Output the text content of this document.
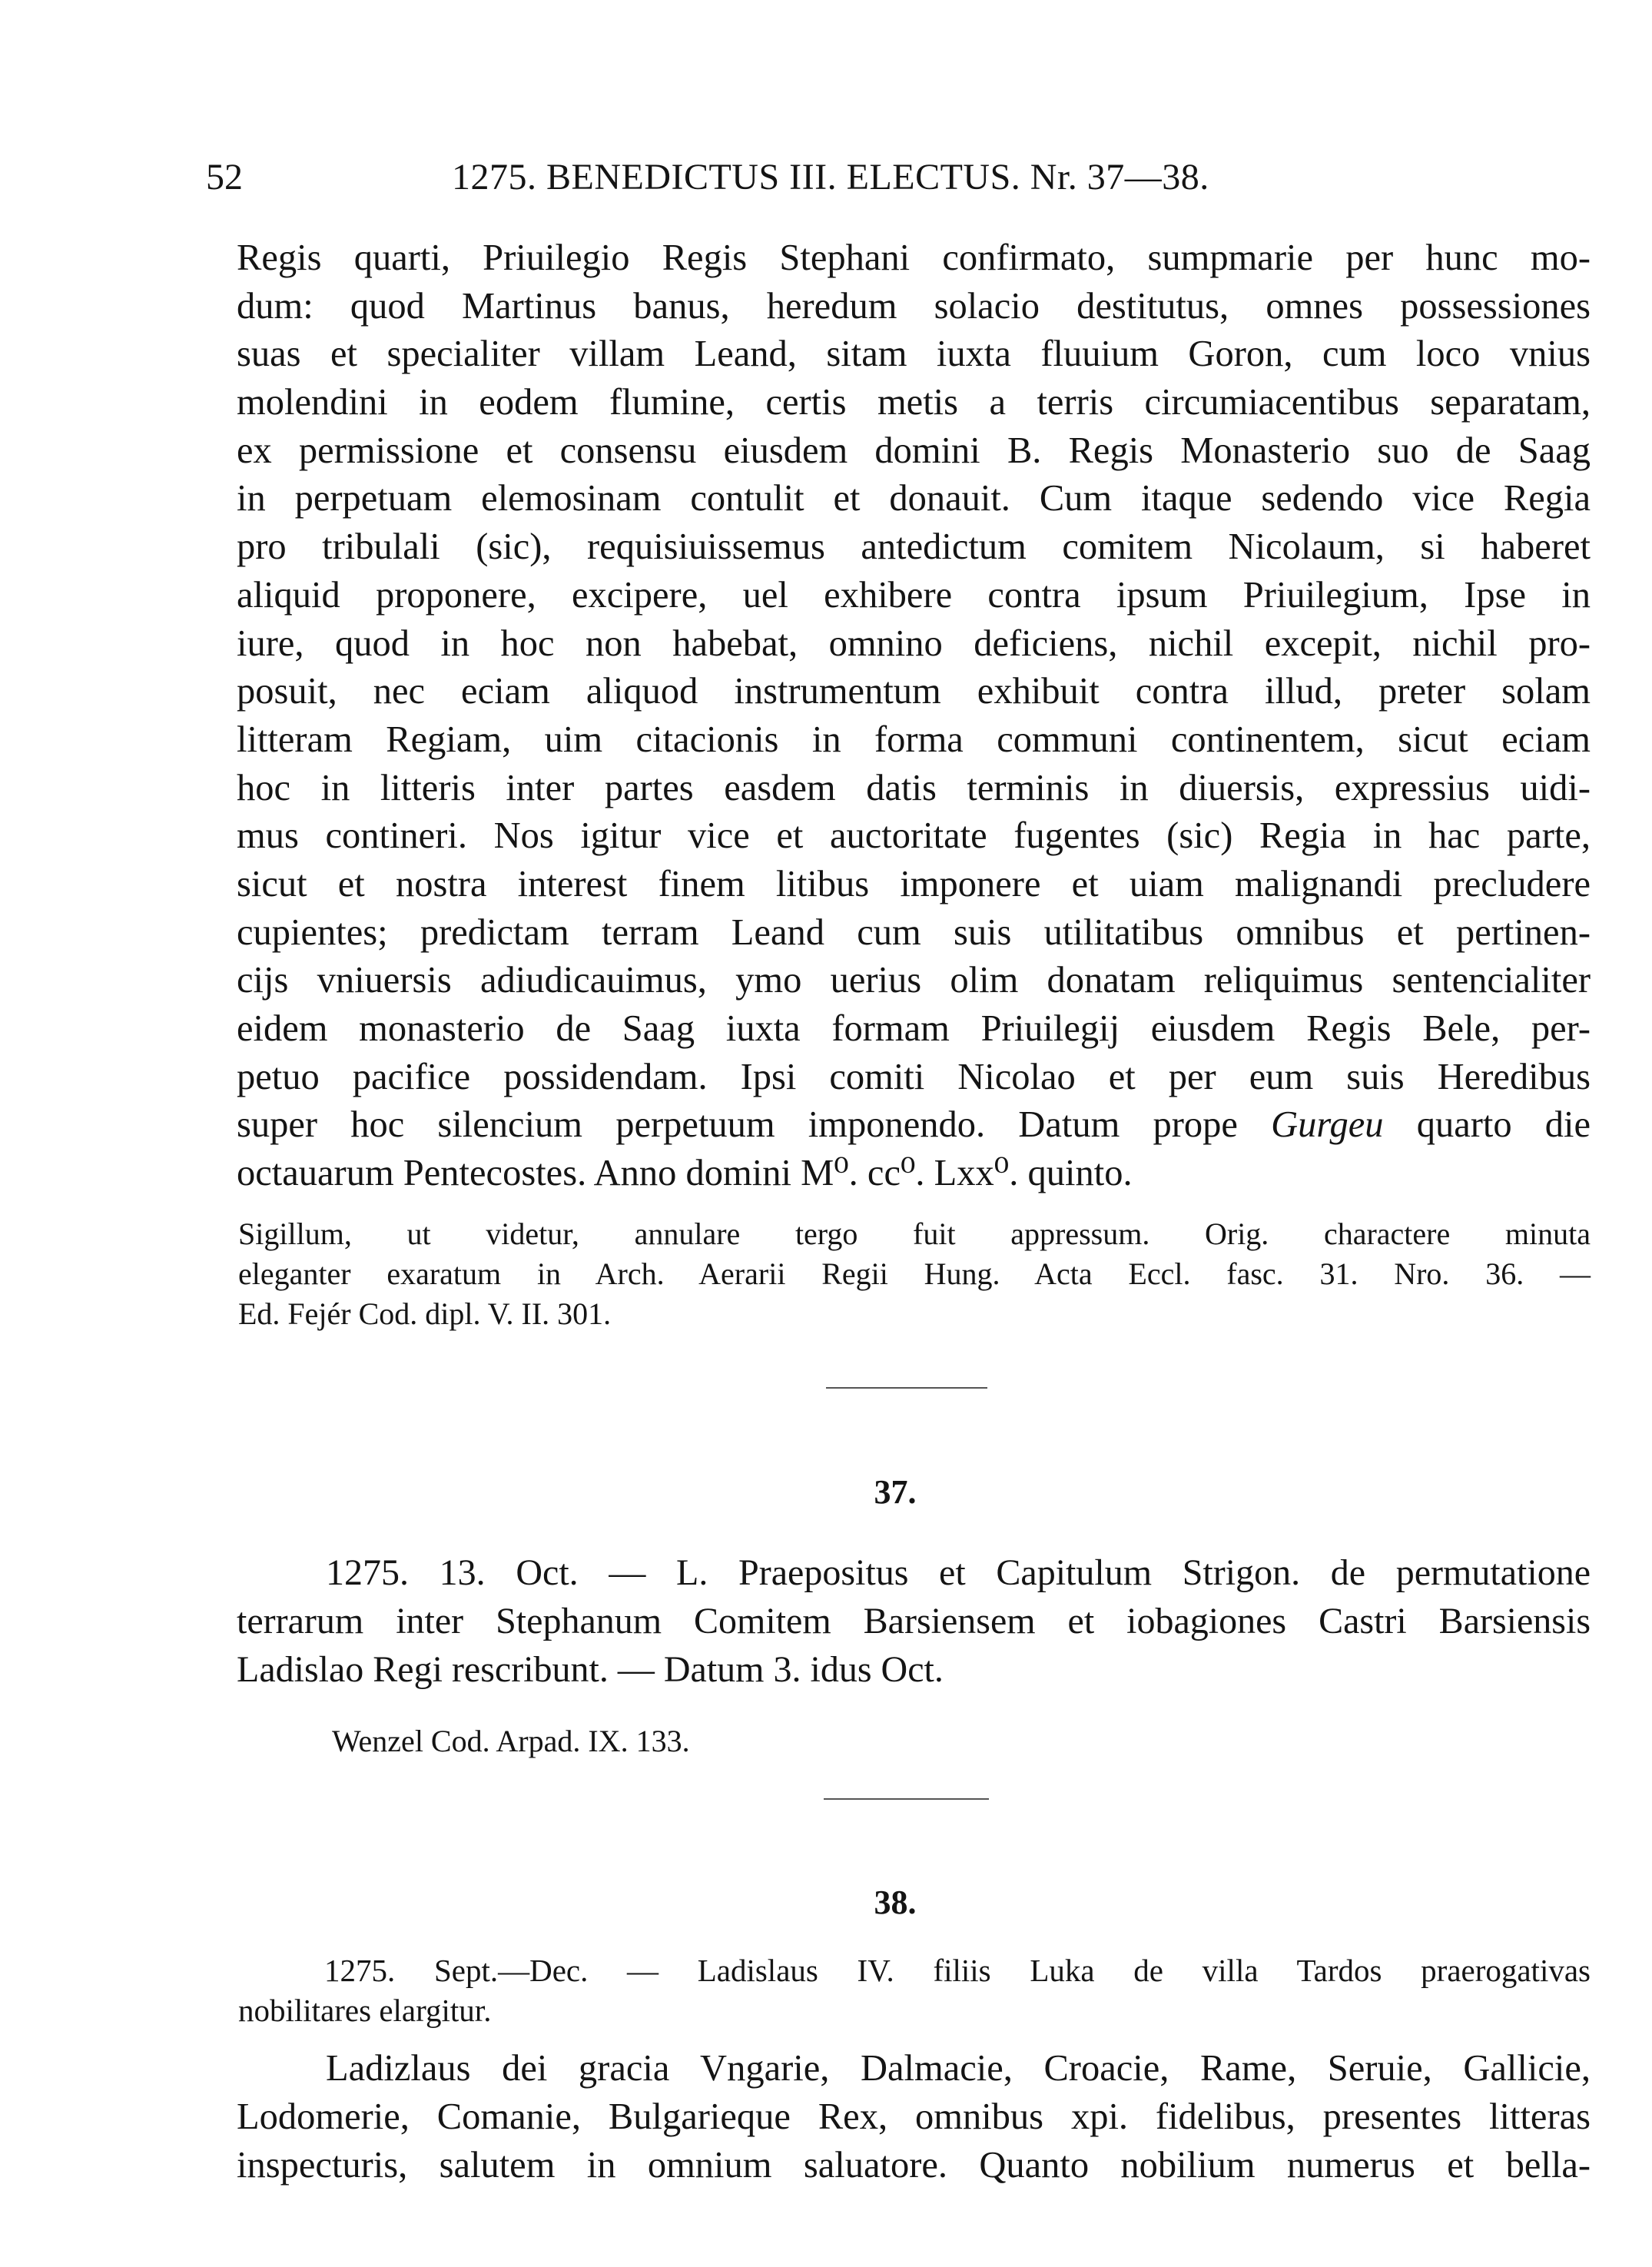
52	1275. BENEDICTUS III. ELECTUS. Nr. 37—38.
Regis quarti, Priuilegio Regis Stephani confirmato, sumpmarie per hunc mo-
dum: quod Martinus banus, heredum solacio destitutus, omnes possessiones
suas et specialiter villam Leand, sitam iuxta fluuium Goron, cum loco vnius
molendini in eodem flumine, certis metis a terris circumiacentibus separatam,
ex permissione et consensu eiusdem domini B. Regis Monasterio suo de Saag
in perpetuam elemosinam contulit et donauit. Cum itaque sedendo vice Regia
pro tribulali (sic), requisiuissemus antedictum comitem Nicolaum, si haberet
aliquid proponere, excipere, uel exhibere contra ipsum Priuilegium, Ipse in
iure, quod in hoc non habebat, omnino deficiens, nichil excepit, nichil pro-
posuit, nec eciam aliquod instrumentum exhibuit contra illud, preter solam
litteram Regiam, uim citacionis in forma communi continentem, sicut eciam
hoc in litteris inter partes easdem datis terminis in diuersis, expressius uidi-
mus contineri. Nos igitur vice et auctoritate fugentes (sic) Regia in hac parte,
sicut et nostra interest finem litibus imponere et uiam malignandi precludere
cupientes; predictam terram Leand cum suis utilitatibus omnibus et pertinen-
cijs vniuersis adiudicauimus, ymo uerius olim donatam reliquimus sentencialiter
eidem monasterio de Saag iuxta formam Priuilegij eiusdem Regis Bele, per-
petuo pacifice possidendam. Ipsi comiti Nicolao et per eum suis Heredibus
super hoc silencium perpetuum imponendo. Datum prope Gurgeu quarto die
octauarum Pentecostes. Anno domini M⁰. cc⁰. Lxx⁰. quinto.
Sigillum, ut videtur, annulare tergo fuit appressum. Orig. charactere minuta
eleganter exaratum in Arch. Aerarii Regii Hung. Acta Eccl. fasc. 31. Nro. 36. —
Ed. Fejér Cod. dipl. V. II. 301.
37.
1275. 13. Oct. — L. Praepositus et Capitulum Strigon. de permutatione
terrarum inter Stephanum Comitem Barsiensem et iobagiones Castri Barsiensis
Ladislao Regi rescribunt. — Datum 3. idus Oct.
Wenzel Cod. Arpad. IX. 133.
38.
1275. Sept.—Dec. — Ladislaus IV. filiis Luka de villa Tardos praerogativas
nobilitares elargitur.
Ladizlaus dei gracia Vngarie, Dalmacie, Croacie, Rame, Seruie, Gallicie,
Lodomerie, Comanie, Bulgarieque Rex, omnibus xpi. fidelibus, presentes litteras
inspecturis, salutem in omnium saluatore. Quanto nobilium numerus et bella-
